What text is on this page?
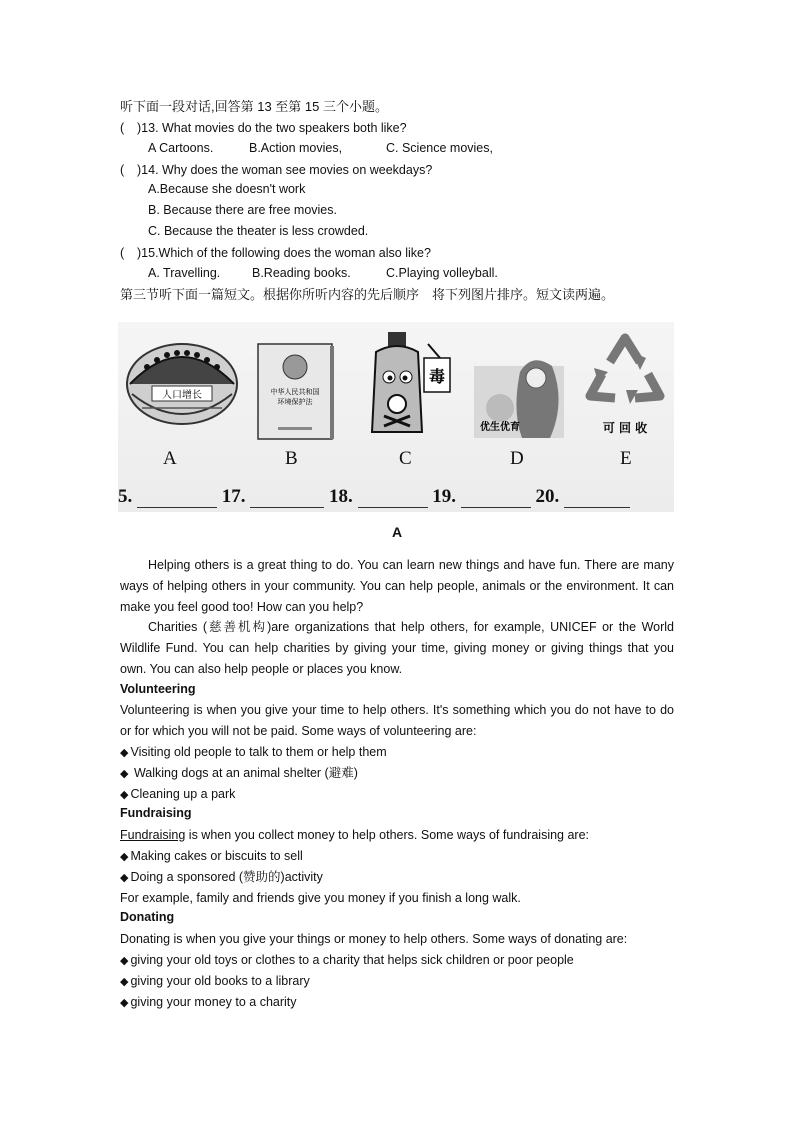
听下面一段对话,回答第 13 至第 15 三个小题。
( )13. What movies do the two speakers both like?
A Cartoons.	B.Action movies,	C. Science movies,
( )14. Why does the woman see movies on weekdays?
A.Because she doesn't work
B. Because there are free movies.
C. Because the theater is less crowded.
( )15.Which of the following does the woman also like?
A. Travelling.	B.Reading books.	C.Playing volleyball.
第三节听下面一篇短文。根据你所听内容的先后顺序　将下列图片排序。短文读两遍。
人口增长	中华人民共和国
环境保护法
毒
优生优育	可 回 收
A	B	C	D	E
5.	17.	18.	19.	20.
A

Helping others is a great thing to do. You can learn new things and have fun. There are many ways of helping others in your community. You can help people, animals or the environment. It can make you feel good too! How can you help?

Charities (慈善机构)are organizations that help others, for example, UNICEF or the World Wildlife Fund. You can help charities by giving your time, giving money or giving things that you own. You can also help people or places you know.

Volunteering
Volunteering is when you give your time to help others. It's something which you do not have to do or for which you will not be paid. Some ways of volunteering are:
◆ Visiting old people to talk to them or help them
◆ Walking dogs at an animal shelter (避难)
◆ Cleaning up a park
Fundraising
Fundraising is when you collect money to help others. Some ways of fundraising are:
◆ Making cakes or biscuits to sell
◆ Doing a sponsored (赞助的)activity
For example, family and friends give you money if you finish a long walk.
Donating
Donating is when you give your things or money to help others. Some ways of donating are:
◆ giving your old toys or clothes to a charity that helps sick children or poor people
◆ giving your old books to a library
◆ giving your money to a charity
